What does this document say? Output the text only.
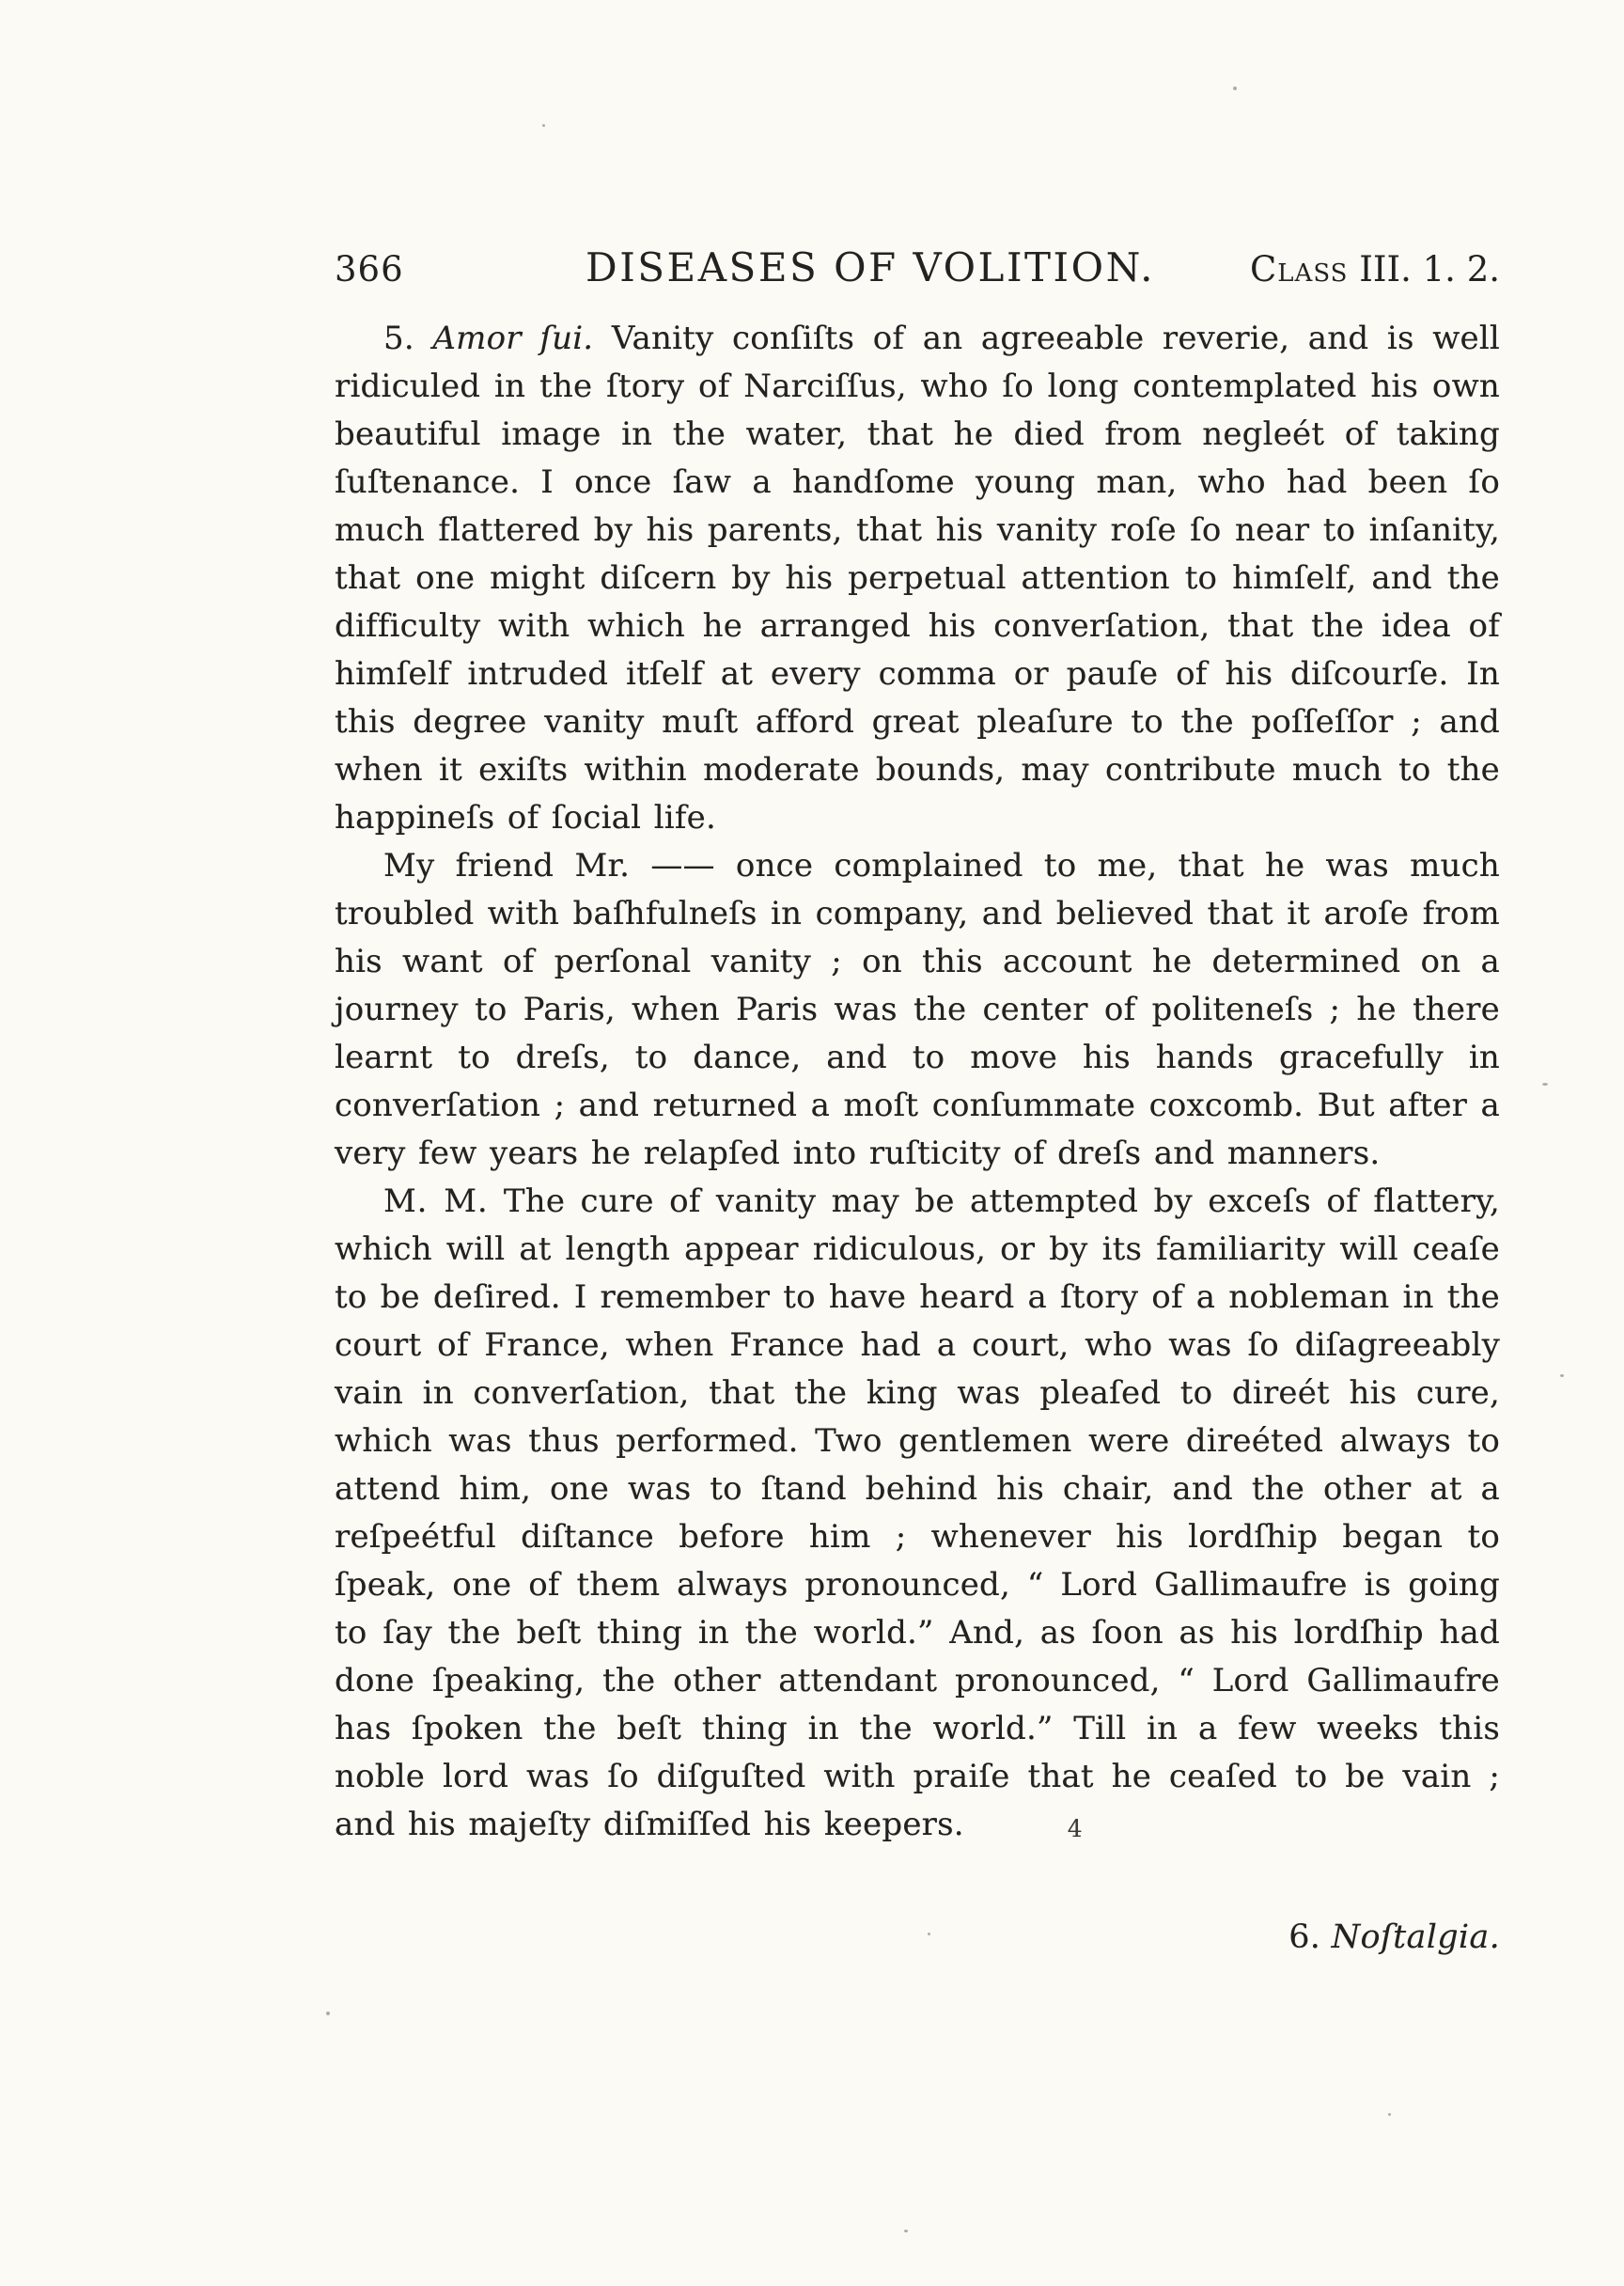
366	DISEASES OF VOLITION.	Class III. 1. 2.

5. Amor ſui. Vanity conſiſts of an agreeable reverie, and is well ridiculed in the ſtory of Narciſſus, who ſo long contemplated his own beautiful image in the water, that he died from negleét of taking ſuſtenance. I once ſaw a handſome young man, who had been ſo much flattered by his parents, that his vanity roſe ſo near to inſanity, that one might diſcern by his perpetual attention to himſelf, and the difficulty with which he arranged his converſation, that the idea of himſelf intruded itſelf at every comma or pauſe of his diſcourſe. In this degree vanity muſt afford great pleaſure to the poſſeſſor ; and when it exiſts within moderate bounds, may contribute much to the happineſs of ſocial life.

My friend Mr. —— once complained to me, that he was much troubled with baſhfulneſs in company, and believed that it aroſe from his want of perſonal vanity ; on this account he determined on a journey to Paris, when Paris was the center of politeneſs ; he there learnt to dreſs, to dance, and to move his hands gracefully in converſation ; and returned a moſt conſummate coxcomb. But after a very few years he relapſed into ruſticity of dreſs and manners.

M. M. The cure of vanity may be attempted by exceſs of flattery, which will at length appear ridiculous, or by its familiarity will ceaſe to be deſired. I remember to have heard a ſtory of a nobleman in the court of France, when France had a court, who was ſo diſagreeably vain in converſation, that the king was pleaſed to direét his cure, which was thus performed. Two gentlemen were direéted always to attend him, one was to ſtand behind his chair, and the other at a reſpeétful diſtance before him ; whenever his lordſhip began to ſpeak, one of them always pronounced, “ Lord Gallimaufre is going to ſay the beſt thing in the world.” And, as ſoon as his lordſhip had done ſpeaking, the other attendant pronounced, “ Lord Gallimaufre has ſpoken the beſt thing in the world.” Till in a few weeks this noble lord was ſo diſguſted with praiſe that he ceaſed to be vain ; and his majeſty diſmiſſed his keepers.	4

6. Noſtalgia.
